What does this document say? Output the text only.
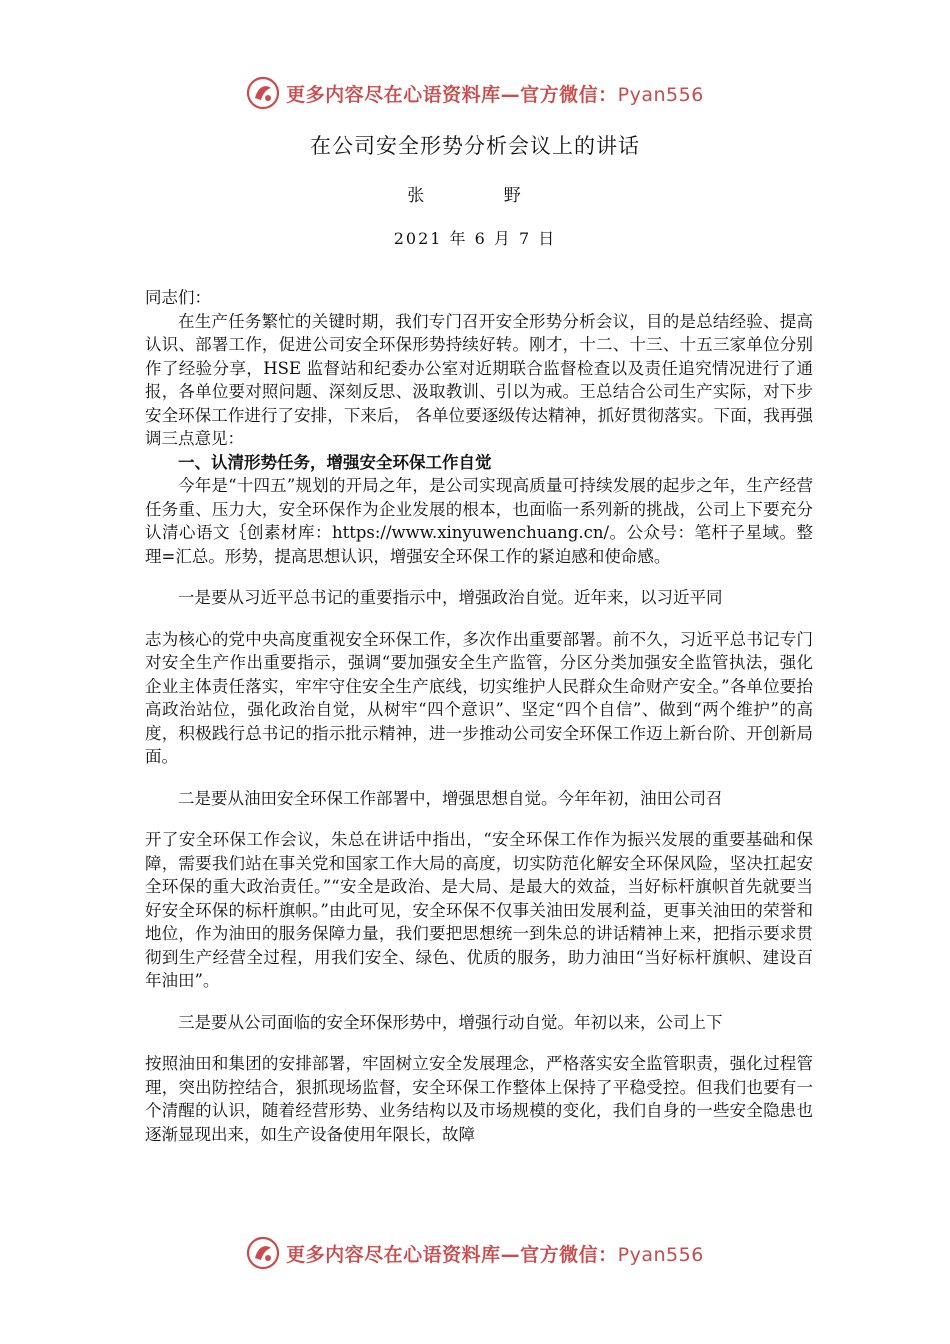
更多内容尽在心语资料库—官方微信：Pyan556
在公司安全形势分析会议上的讲话
张 野
2021 年 6 月 7 日

同志们：

在生产任务繁忙的关键时期，我们专门召开安全形势分析会议，目的是总结经验、提高认识、部署工作，促进公司安全环保形势持续好转。刚才，十二、十三、十五三家单位分别作了经验分享，HSE 监督站和纪委办公室对近期联合监督检查以及责任追究情况进行了通报，各单位要对照问题、深刻反思、汲取教训、引以为戒。王总结合公司生产实际，对下步安全环保工作进行了安排，下来后， 各单位要逐级传达精神，抓好贯彻落实。下面，我再强调三点意见：

一、认清形势任务，增强安全环保工作自觉

今年是“十四五”规划的开局之年，是公司实现高质量可持续发展的起步之年，生产经营任务重、压力大，安全环保作为企业发展的根本，也面临一系列新的挑战，公司上下要充分认清心语文｛创素材库：https://www.xinyuwenchuang.cn/。公众号：笔杆子星域。整理=汇总。形势，提高思想认识，增强安全环保工作的紧迫感和使命感。

一是要从习近平总书记的重要指示中，增强政治自觉。近年来，以习近平同

志为核心的党中央高度重视安全环保工作，多次作出重要部署。前不久，习近平总书记专门对安全生产作出重要指示，强调“要加强安全生产监管，分区分类加强安全监管执法，强化企业主体责任落实，牢牢守住安全生产底线，切实维护人民群众生命财产安全。”各单位要抬高政治站位，强化政治自觉，从树牢“四个意识”、坚定“四个自信”、做到“两个维护”的高度，积极践行总书记的指示批示精神，进一步推动公司安全环保工作迈上新台阶、开创新局面。

二是要从油田安全环保工作部署中，增强思想自觉。今年年初，油田公司召

开了安全环保工作会议，朱总在讲话中指出，“安全环保工作作为振兴发展的重要基础和保障，需要我们站在事关党和国家工作大局的高度，切实防范化解安全环保风险，坚决扛起安全环保的重大政治责任。”“安全是政治、是大局、是最大的效益，当好标杆旗帜首先就要当好安全环保的标杆旗帜。”由此可见，安全环保不仅事关油田发展利益，更事关油田的荣誉和地位，作为油田的服务保障力量，我们要把思想统一到朱总的讲话精神上来，把指示要求贯彻到生产经营全过程，用我们安全、绿色、优质的服务，助力油田“当好标杆旗帜、建设百年油田”。

三是要从公司面临的安全环保形势中，增强行动自觉。年初以来，公司上下

按照油田和集团的安排部署，牢固树立安全发展理念，严格落实安全监管职责，强化过程管理，突出防控结合，狠抓现场监督，安全环保工作整体上保持了平稳受控。但我们也要有一个清醒的认识，随着经营形势、业务结构以及市场规模的变化，我们自身的一些安全隐患也逐渐显现出来，如生产设备使用年限长，故障

更多内容尽在心语资料库—官方微信：Pyan556
